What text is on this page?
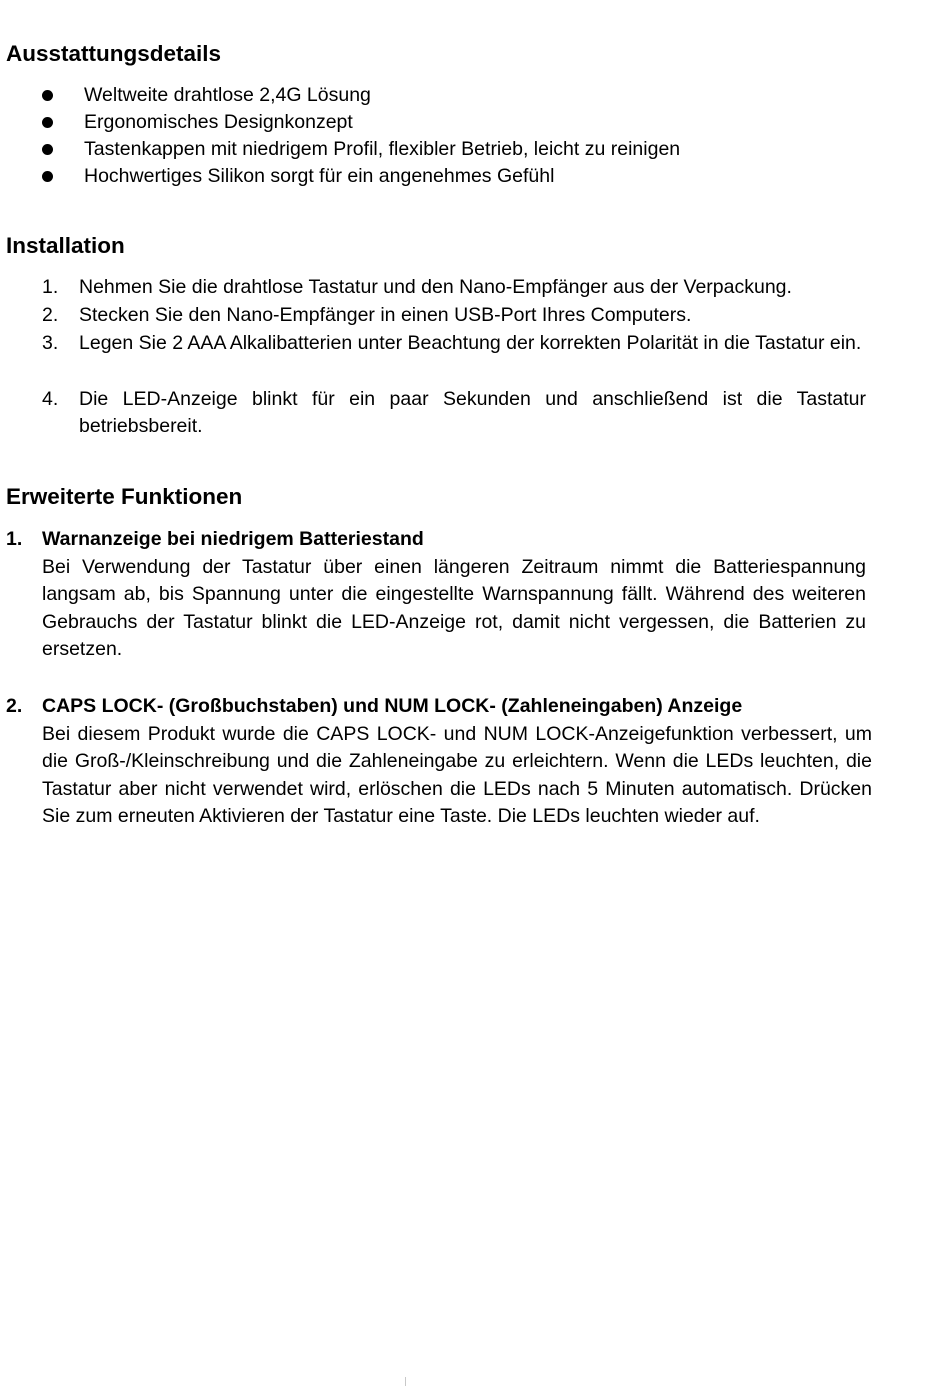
Ausstattungsdetails
Weltweite drahtlose 2,4G Lösung
Ergonomisches Designkonzept
Tastenkappen mit niedrigem Profil, flexibler Betrieb, leicht zu reinigen
Hochwertiges Silikon sorgt für ein angenehmes Gefühl
Installation
1. Nehmen Sie die drahtlose Tastatur und den Nano-Empfänger aus der Verpackung.
2. Stecken Sie den Nano-Empfänger in einen USB-Port Ihres Computers.
3. Legen Sie 2 AAA Alkalibatterien unter Beachtung der korrekten Polarität in die Tastatur ein.
4. Die LED-Anzeige blinkt für ein paar Sekunden und anschließend ist die Tastatur betriebsbereit.
Erweiterte Funktionen
1. Warnanzeige bei niedrigem Batteriestand
Bei Verwendung der Tastatur über einen längeren Zeitraum nimmt die Batteriespannung langsam ab, bis Spannung unter die eingestellte Warnspannung fällt. Während des weiteren Gebrauchs der Tastatur blinkt die LED-Anzeige rot, damit nicht vergessen, die Batterien zu ersetzen.
2. CAPS LOCK- (Großbuchstaben) und NUM LOCK- (Zahleneingaben) Anzeige
Bei diesem Produkt wurde die CAPS LOCK- und NUM LOCK-Anzeigefunktion verbessert, um die Groß-/Kleinschreibung und die Zahleneingabe zu erleichtern. Wenn die LEDs leuchten, die Tastatur aber nicht verwendet wird, erlöschen die LEDs nach 5 Minuten automatisch. Drücken Sie zum erneuten Aktivieren der Tastatur eine Taste. Die LEDs leuchten wieder auf.
